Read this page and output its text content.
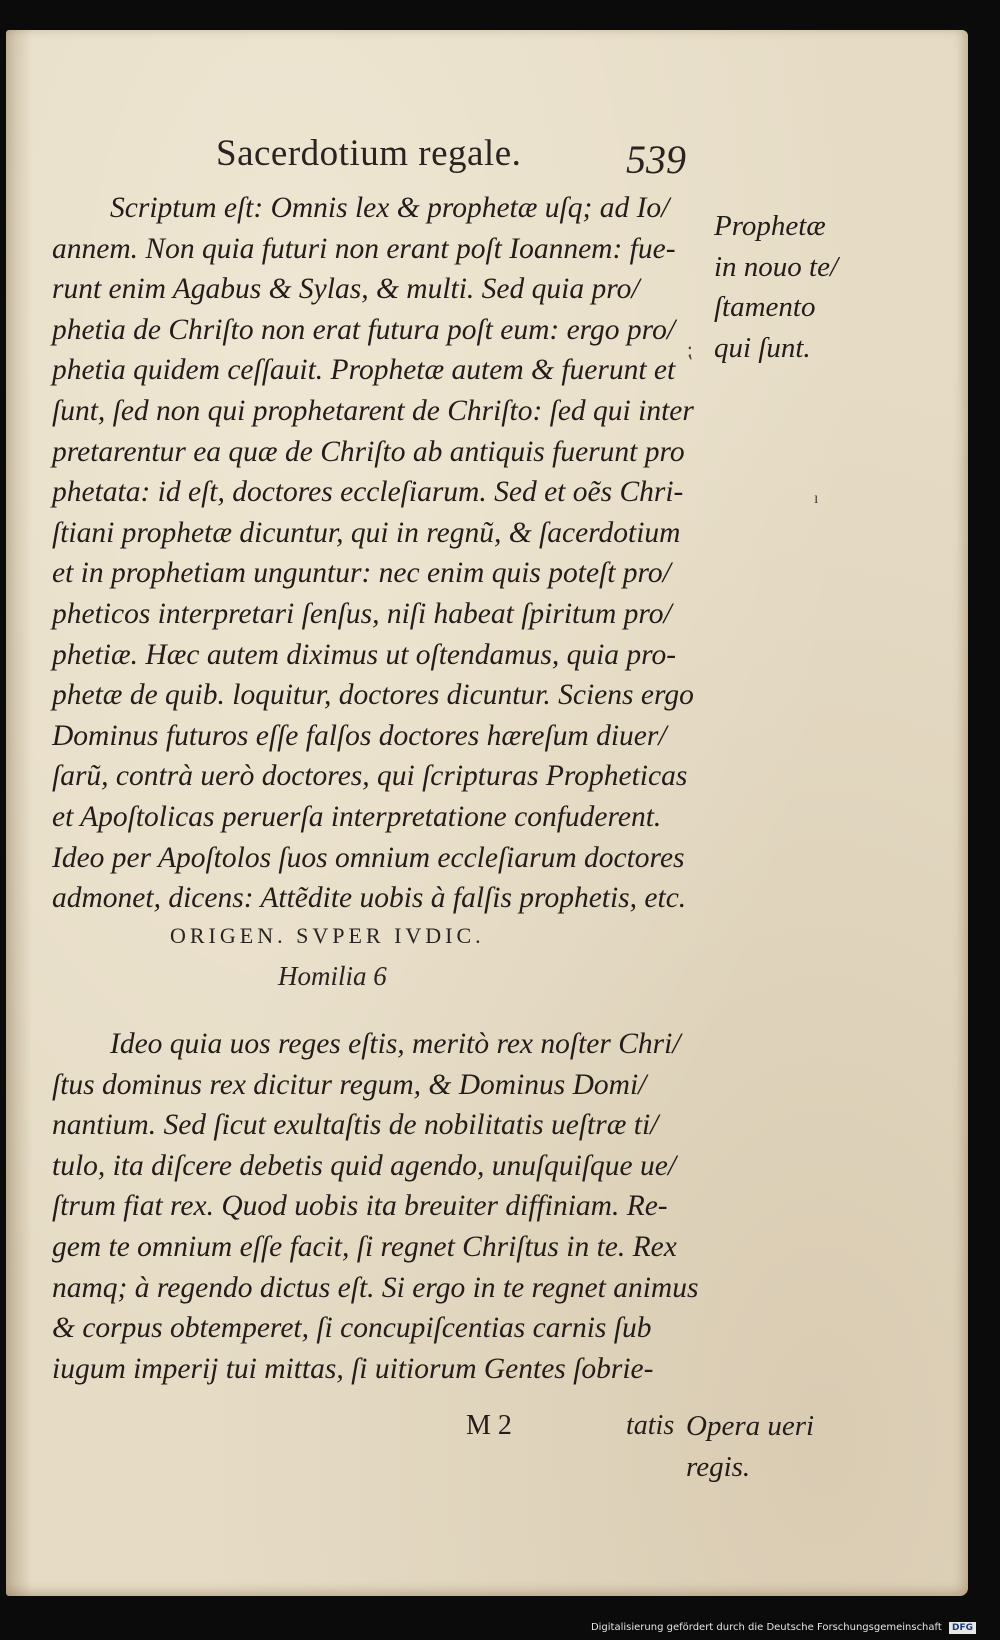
Sacerdotium regale.	539
Scriptum eſt: Omnis lex & prophetæ uſq; ad Io/
annem. Non quia futuri non erant poſt Ioannem: fue-
runt enim Agabus & Sylas, & multi. Sed quia pro/
phetia de Chriſto non erat futura poſt eum: ergo pro/
phetia quidem ceſſauit. Prophetæ autem & fuerunt et
ſunt, ſed non qui prophetarent de Chriſto: ſed qui inter
pretarentur ea quæ de Chriſto ab antiquis fuerunt pro
phetata: id eſt, doctores eccleſiarum. Sed et oẽs Chri-
ſtiani prophetæ dicuntur, qui in regnũ, & ſacerdotium
et in prophetiam unguntur: nec enim quis poteſt pro/
pheticos interpretari ſenſus, niſi habeat ſpiritum pro/
phetiæ. Hæc autem diximus ut oſtendamus, quia pro-
phetæ de quib. loquitur, doctores dicuntur. Sciens ergo
Dominus futuros eſſe falſos doctores hæreſum diuer/
ſarũ, contrà uerò doctores, qui ſcripturas Propheticas
et Apoſtolicas peruerſa interpretatione confuderent.
Ideo per Apoſtolos ſuos omnium eccleſiarum doctores
admonet, dicens: Attẽdite uobis à falſis prophetis, etc.
ORIGEN. SVPER IVDIC.
Homilia 6
Ideo quia uos reges eſtis, meritò rex noſter Chri/
ſtus dominus rex dicitur regum, & Dominus Domi/
nantium. Sed ſicut exultaſtis de nobilitatis ueſtræ ti/
tulo, ita diſcere debetis quid agendo, unuſquiſque ue/
ſtrum fiat rex. Quod uobis ita breuiter diffiniam. Re-
gem te omnium eſſe facit, ſi regnet Chriſtus in te. Rex
namq; à regendo dictus eſt. Si ergo in te regnet animus
& corpus obtemperet, ſi concupiſcentias carnis ſub
iugum imperij tui mittas, ſi uitiorum Gentes ſobrie-
Prophetæ
in nouo te/
ſtamento
qui ſunt.
Opera ueri
regis.
M 2	tatis
⁏
ı
Digitalisierung gefördert durch die Deutsche Forschungsgemeinschaft DFG
